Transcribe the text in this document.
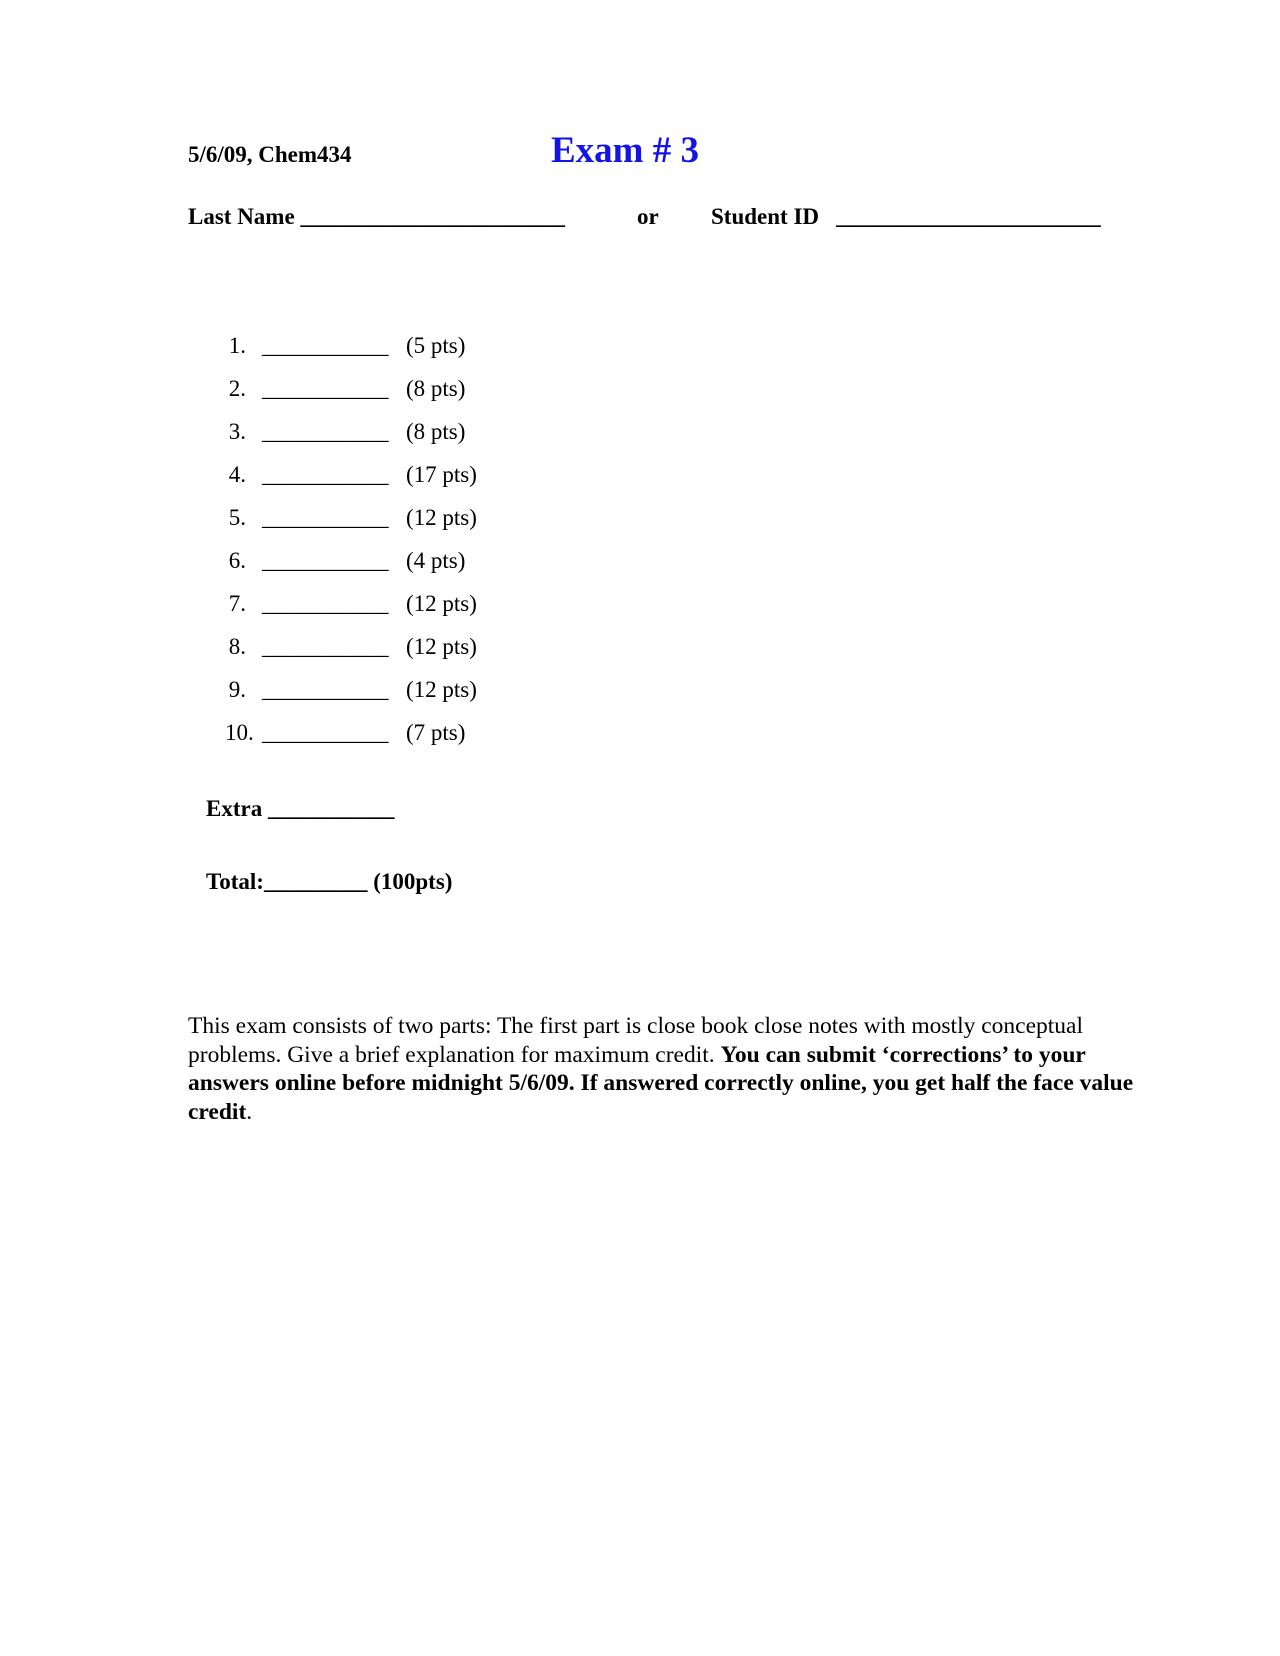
5/6/09, Chem434	Exam # 3
Last Name _______________________	or Student ID _______________________
1. ___________ (5 pts)
2. ___________ (8 pts)
3. ___________ (8 pts)
4. ___________ (17 pts)
5. ___________ (12 pts)
6. ___________ (4 pts)
7. ___________ (12 pts)
8. ___________ (12 pts)
9. ___________ (12 pts)
10. ___________ (7 pts)
Extra ___________
Total:_________ (100pts)
This exam consists of two parts: The first part is close book close notes with mostly conceptual problems. Give a brief explanation for maximum credit. You can submit ‘corrections’ to your answers online before midnight 5/6/09. If answered correctly online, you get half the face value credit.
